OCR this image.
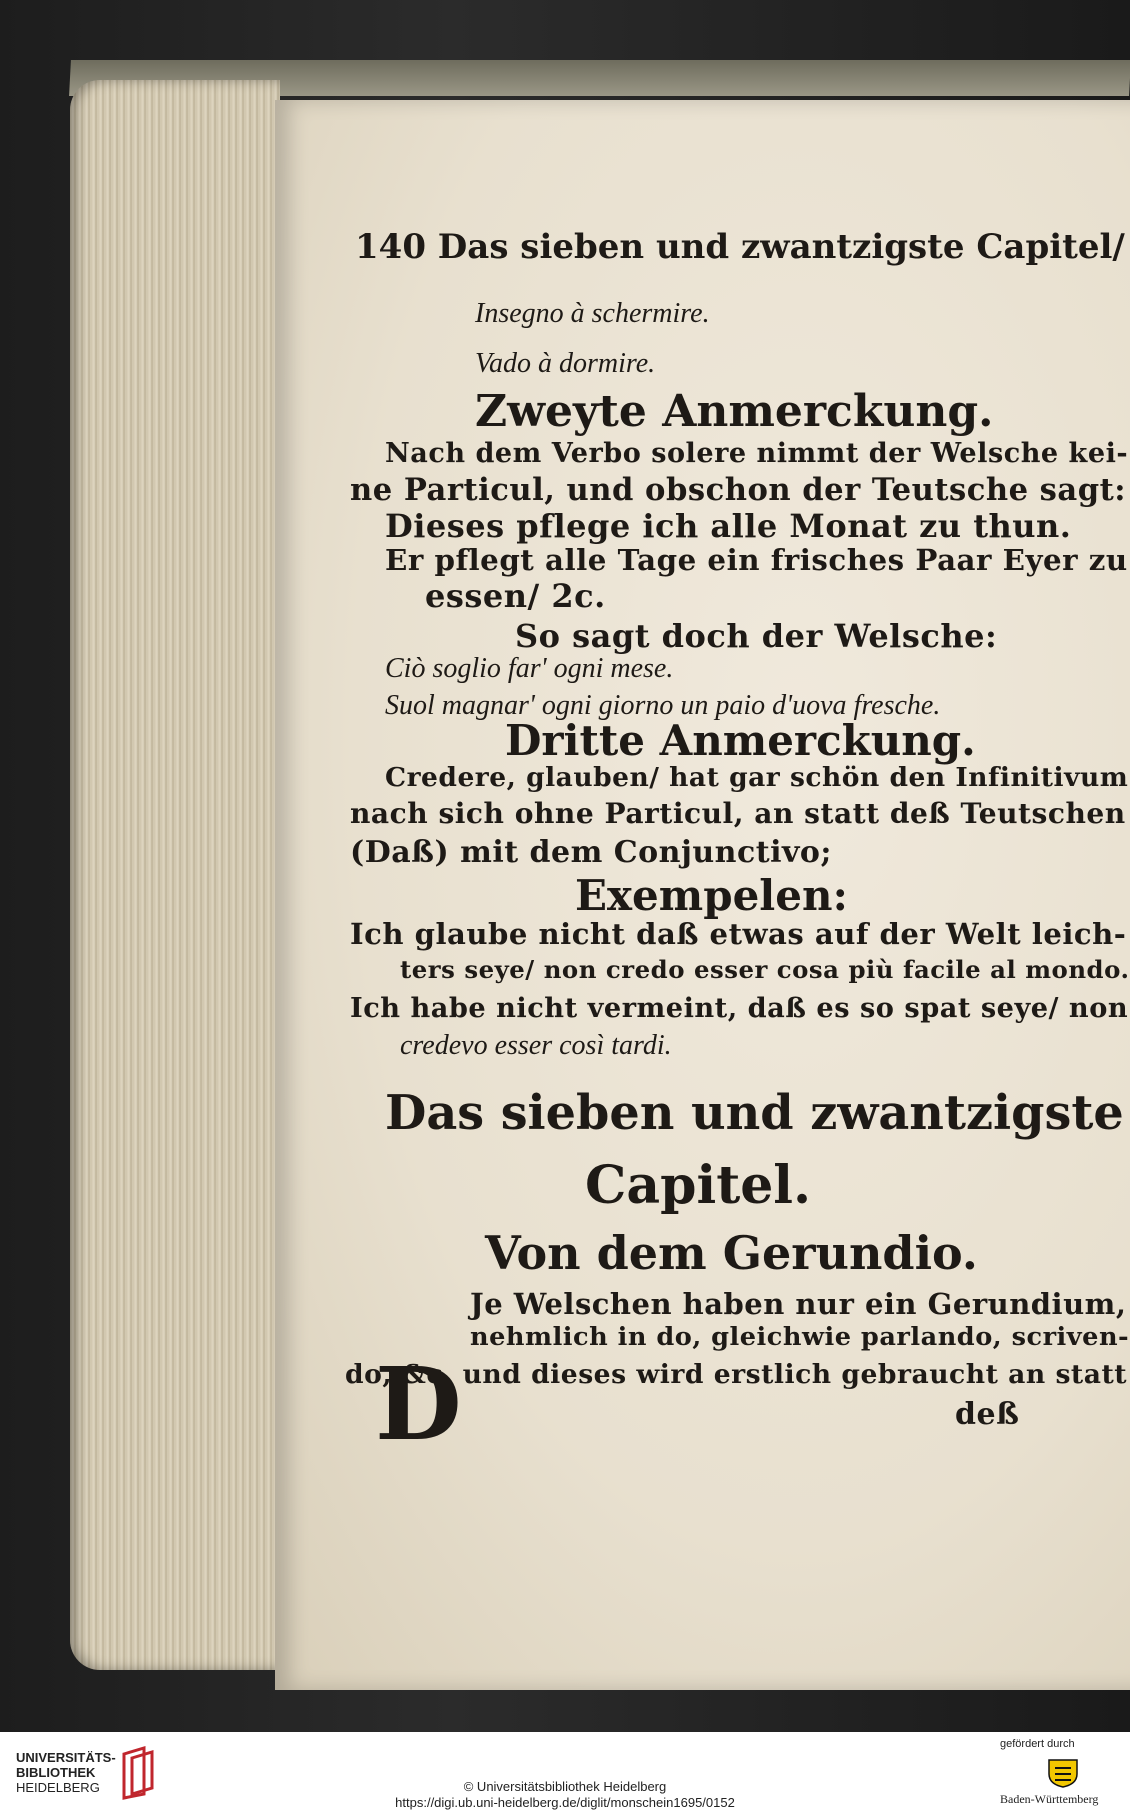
140 Das sieben und zwantzigste Capitel/
Insegno à schermire.
Vado à dormire.
Zweyte Anmerckung.
Nach dem Verbo solere nimmt der Welsche kei-
ne Particul, und obschon der Teutsche sagt:
Dieses pflege ich alle Monat zu thun.
Er pflegt alle Tage ein frisches Paar Eyer zu
essen/ 2c.
So sagt doch der Welsche:
Ciò soglio far' ogni mese.
Suol magnar' ogni giorno un paio d'uova fresche.
Dritte Anmerckung.
Credere, glauben/ hat gar schön den Infinitivum
nach sich ohne Particul, an statt deß Teutschen
(Daß) mit dem Conjunctivo;
Exempelen:
Ich glaube nicht daß etwas auf der Welt leich-
ters seye/ non credo esser cosa più facile al mondo.
Ich habe nicht vermeint, daß es so spat seye/ non
credevo esser così tardi.
Das sieben und zwantzigste
Capitel.
Von dem Gerundio.
Je Welschen haben nur ein Gerundium,
nehmlich in do, gleichwie parlando, scriven-
do, &c. und dieses wird erstlich gebraucht an statt
deß
D
UNIVERSITÄTS-
BIBLIOTHEK
HEIDELBERG	© Universitätsbibliothek Heidelberg
https://digi.ub.uni-heidelberg.de/diglit/monschein1695/0152
gefördert durch
Baden-Württemberg
